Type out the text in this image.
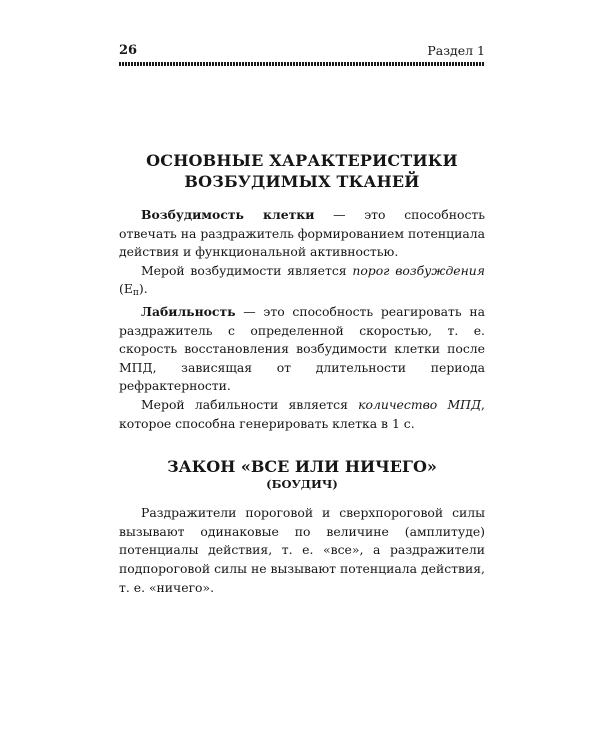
26	Раздел 1
ОСНОВНЫЕ ХАРАКТЕРИСТИКИ
ВОЗБУДИМЫХ ТКАНЕЙ

Возбудимость клетки — это способность отвечать на раздражитель формированием потенциала действия и функциональной активностью.

Мерой возбудимости является порог возбуждения $(Е_п)$.

Лабильность — это способность реагировать на раздражитель с определенной скоростью, т. е. скорость восстановления возбудимости клетки после МПД, зависящая от длительности периода рефрактерности.

Мерой лабильности является количество МПД, которое способна генерировать клетка в 1 с.

ЗАКОН «ВСЕ ИЛИ НИЧЕГО»

(БОУДИЧ)

Раздражители пороговой и сверхпороговой силы вызывают одинаковые по величине (амплитуде) потенциалы действия, т. е. «все», а раздражители подпороговой силы не вызывают потенциала действия, т. е. «ничего».
